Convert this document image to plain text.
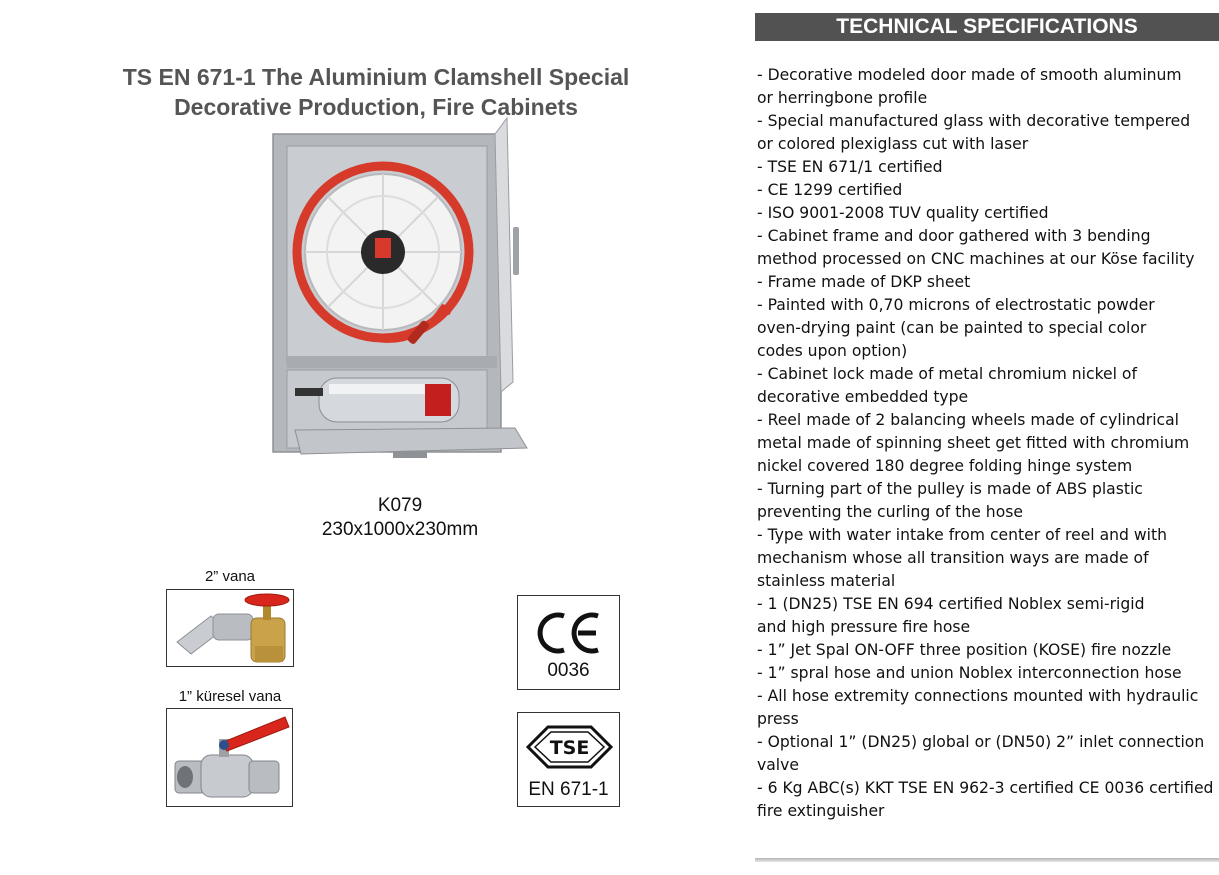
TS EN 671-1 The Aluminium Clamshell Special
Decorative Production, Fire Cabinets
K079
230x1000x230mm
2” vana
1” küresel vana
0036
TSE
EN 671-1
TECHNICAL SPECIFICATIONS
- Decorative modeled door made of smooth aluminum
or herringbone profile
- Special manufactured glass with decorative tempered
or colored plexiglass cut with laser
- TSE EN 671/1 certified
- CE 1299 certified
- ISO 9001-2008 TUV quality certified
- Cabinet frame and door gathered with 3 bending
method processed on CNC machines at our Köse facility
- Frame made of DKP sheet
- Painted with 0,70 microns of electrostatic powder
oven-drying paint (can be painted to special color
codes upon option)
- Cabinet lock made of metal chromium nickel of
decorative embedded type
- Reel made of 2 balancing wheels made of cylindrical
metal made of spinning sheet get fitted with chromium
nickel covered 180 degree folding hinge system
- Turning part of the pulley is made of ABS plastic
preventing the curling of the hose
- Type with water intake from center of reel and with
mechanism whose all transition ways are made of
stainless material
- 1 (DN25) TSE EN 694 certified Noblex semi-rigid
and high pressure fire hose
- 1” Jet Spal ON-OFF three position (KOSE) fire nozzle
- 1” spral hose and union Noblex interconnection hose
- All hose extremity connections mounted with hydraulic
press
- Optional 1” (DN25) global or (DN50) 2” inlet connection
valve
- 6 Kg ABC(s) KKT TSE EN 962-3 certified CE 0036 certified
fire extinguisher
